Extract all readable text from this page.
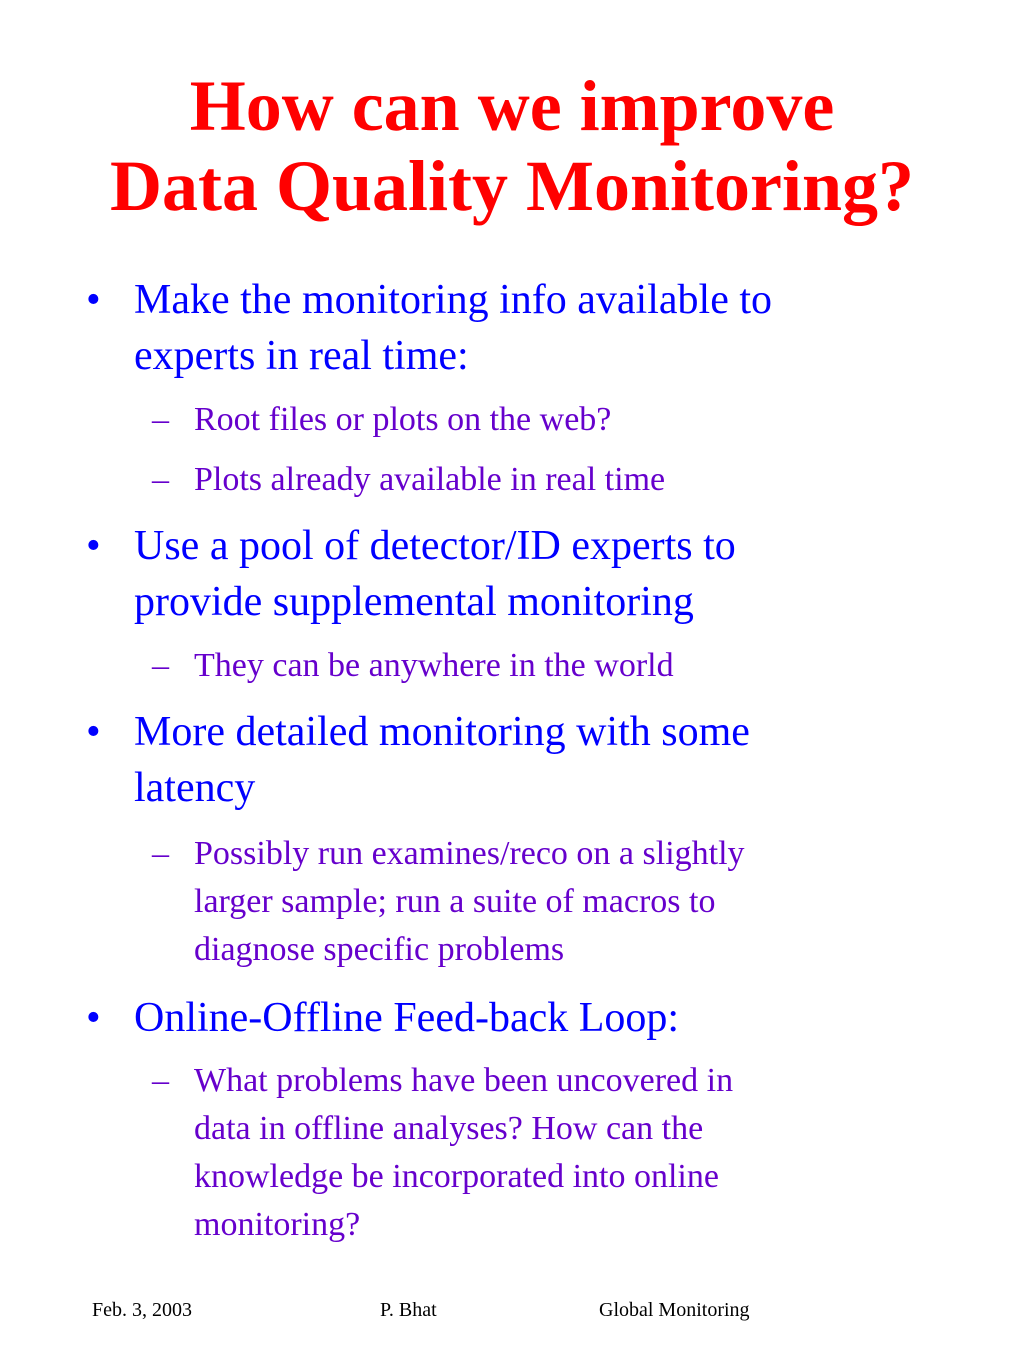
How can we improve
Data Quality Monitoring?
• Make the monitoring info available to
experts in real time:
– Root files or plots on the web?
– Plots already available in real time
• Use a pool of detector/ID experts to
provide supplemental monitoring
– They can be anywhere in the world
• More detailed monitoring with some
latency
– Possibly run examines/reco on a slightly
larger sample; run a suite of macros to
diagnose specific problems
• Online-Offline Feed-back Loop:
– What problems have been uncovered in
data in offline analyses? How can the
knowledge be incorporated into online
monitoring?
Feb. 3, 2003	P. Bhat	Global Monitoring
